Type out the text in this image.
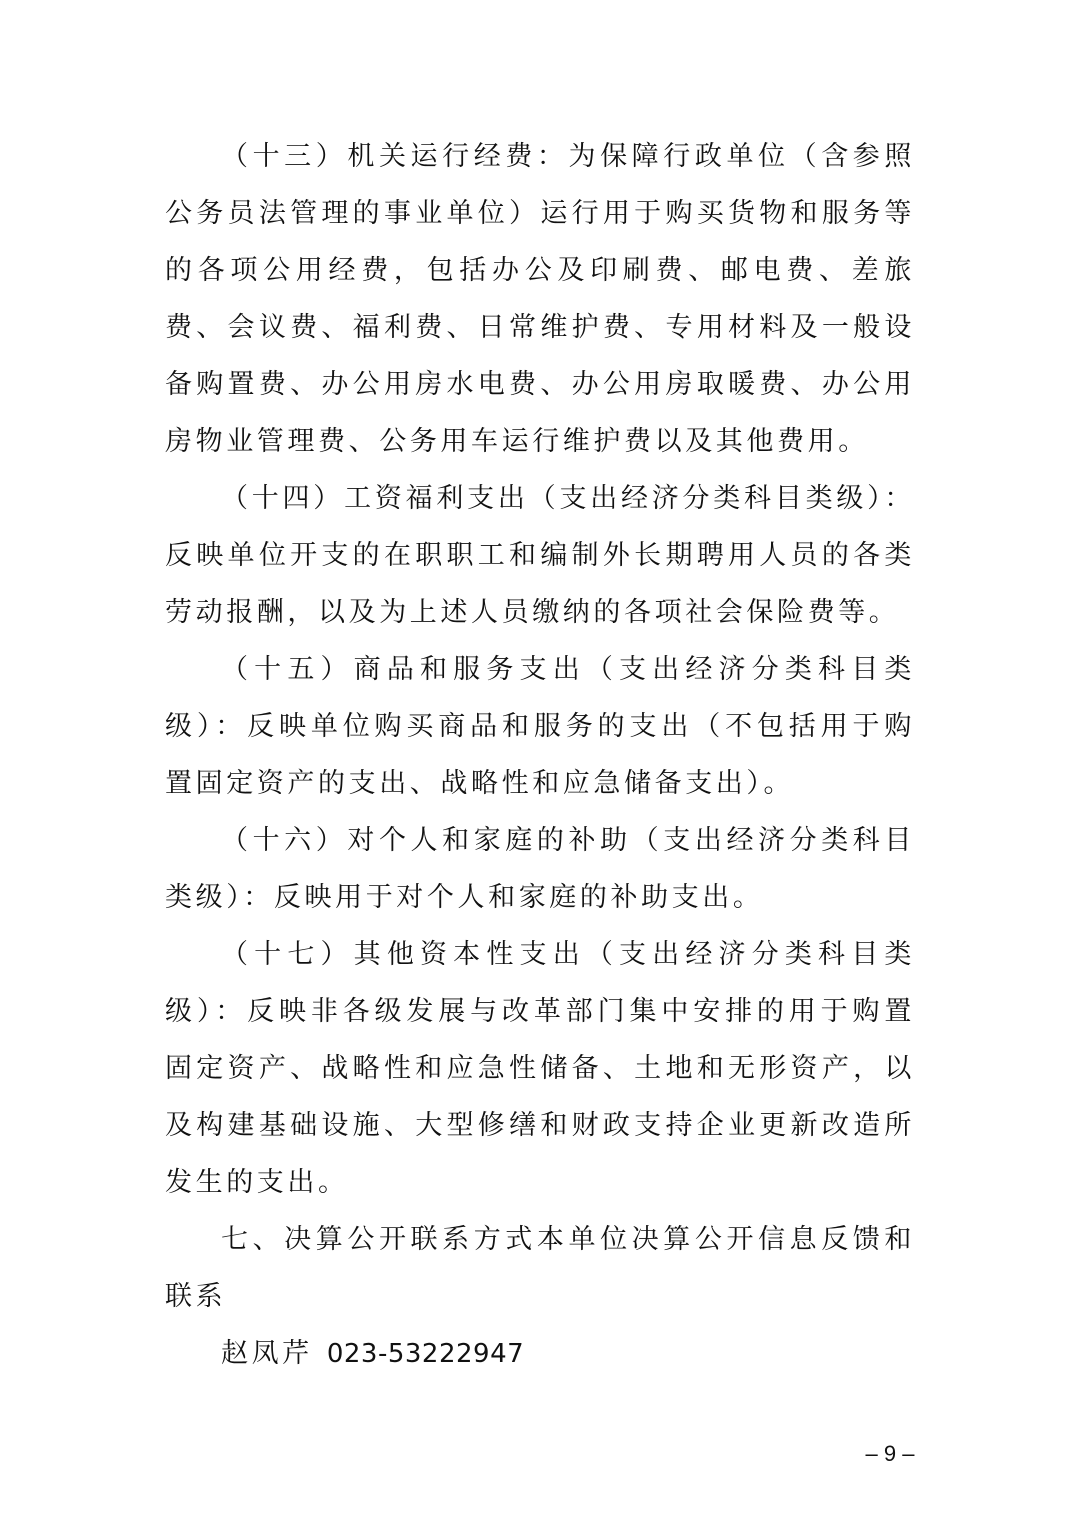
（十三）机关运行经费：为保障行政单位（含参照公务员法管理的事业单位）运行用于购买货物和服务等的各项公用经费，包括办公及印刷费、邮电费、差旅费、会议费、福利费、日常维护费、专用材料及一般设备购置费、办公用房水电费、办公用房取暖费、办公用房物业管理费、公务用车运行维护费以及其他费用。

（十四）工资福利支出（支出经济分类科目类级）：反映单位开支的在职职工和编制外长期聘用人员的各类劳动报酬，以及为上述人员缴纳的各项社会保险费等。

（十五）商品和服务支出（支出经济分类科目类级）：反映单位购买商品和服务的支出（不包括用于购置固定资产的支出、战略性和应急储备支出）。

（十六）对个人和家庭的补助（支出经济分类科目类级）：反映用于对个人和家庭的补助支出。

（十七）其他资本性支出（支出经济分类科目类级）：反映非各级发展与改革部门集中安排的用于购置固定资产、战略性和应急性储备、土地和无形资产，以及构建基础设施、大型修缮和财政支持企业更新改造所发生的支出。

七、决算公开联系方式本单位决算公开信息反馈和联系

赵凤芹 023-53222947

– 9 –
